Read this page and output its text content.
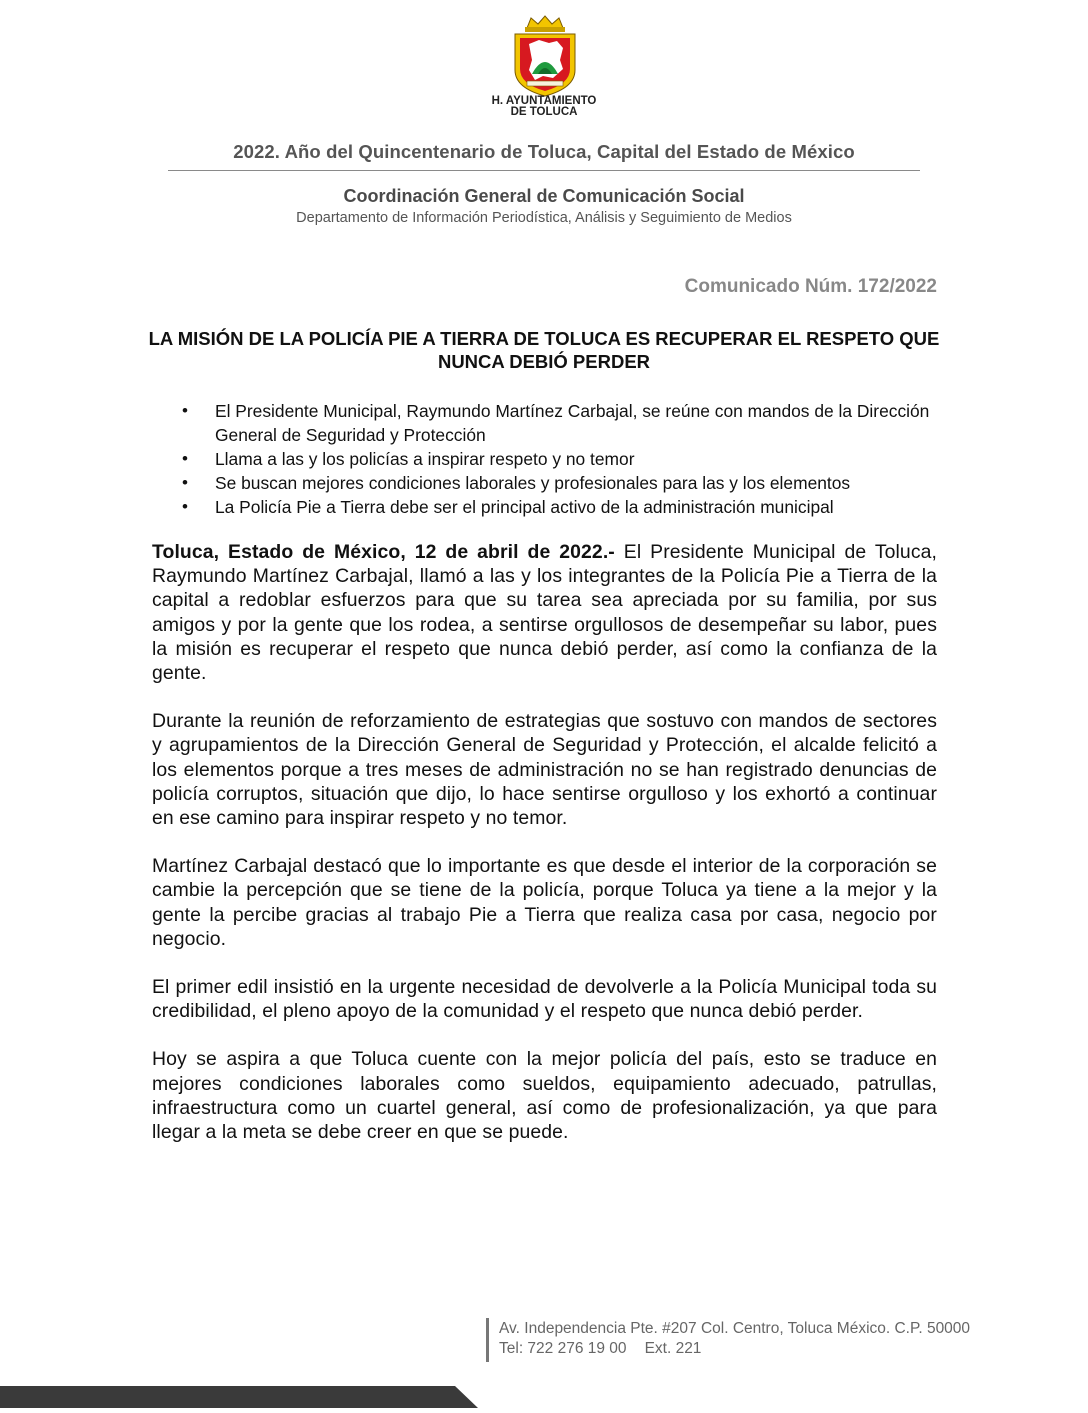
H. AYUNTAMIENTO
DE TOLUCA
2022. Año del Quincentenario de Toluca, Capital del Estado de México
Coordinación General de Comunicación Social
Departamento de Información Periodística, Análisis y Seguimiento de Medios
Comunicado Núm. 172/2022
LA MISIÓN DE LA POLICÍA PIE A TIERRA DE TOLUCA ES RECUPERAR EL RESPETO QUE NUNCA DEBIÓ PERDER
• El Presidente Municipal, Raymundo Martínez Carbajal, se reúne con mandos de la Dirección General de Seguridad y Protección
• Llama a las y los policías a inspirar respeto y no temor
• Se buscan mejores condiciones laborales y profesionales para las y los elementos
• La Policía Pie a Tierra debe ser el principal activo de la administración municipal

Toluca, Estado de México, 12 de abril de 2022.- El Presidente Municipal de Toluca, Raymundo Martínez Carbajal, llamó a las y los integrantes de la Policía Pie a Tierra de la capital a redoblar esfuerzos para que su tarea sea apreciada por su familia, por sus amigos y por la gente que los rodea, a sentirse orgullosos de desempeñar su labor, pues la misión es recuperar el respeto que nunca debió perder, así como la confianza de la gente.

Durante la reunión de reforzamiento de estrategias que sostuvo con mandos de sectores y agrupamientos de la Dirección General de Seguridad y Protección, el alcalde felicitó a los elementos porque a tres meses de administración no se han registrado denuncias de policía corruptos, situación que dijo, lo hace sentirse orgulloso y los exhortó a continuar en ese camino para inspirar respeto y no temor.

Martínez Carbajal destacó que lo importante es que desde el interior de la corporación se cambie la percepción que se tiene de la policía, porque Toluca ya tiene a la mejor y la gente la percibe gracias al trabajo Pie a Tierra que realiza casa por casa, negocio por negocio.

El primer edil insistió en la urgente necesidad de devolverle a la Policía Municipal toda su credibilidad, el pleno apoyo de la comunidad y el respeto que nunca debió perder.

Hoy se aspira a que Toluca cuente con la mejor policía del país, esto se traduce en mejores condiciones laborales como sueldos, equipamiento adecuado, patrullas, infraestructura como un cuartel general, así como de profesionalización, ya que para llegar a la meta se debe creer en que se puede.

Av. Independencia Pte. #207 Col. Centro, Toluca México. C.P. 50000
Tel: 722 276 19 00 Ext. 221
